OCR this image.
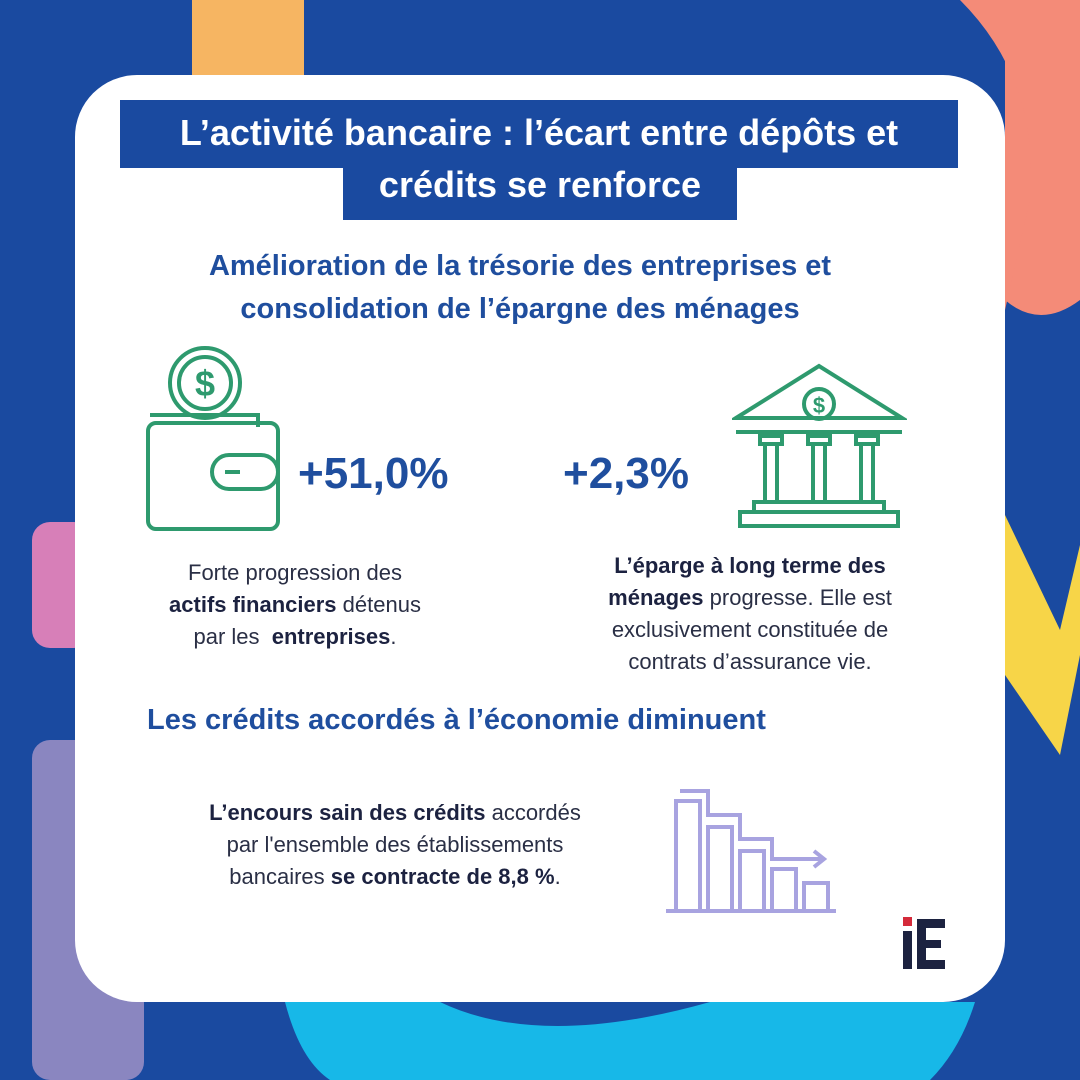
L’activité bancaire : l’écart entre dépôts et
crédits se renforce
Amélioration de la trésorie des entreprises et
consolidation de l’épargne des ménages
$
+51,0%	+2,3%
$
Forte progression des
actifs financiers détenus
par les  entreprises.
L’éparge à long terme des
ménages progresse. Elle est
exclusivement constituée de
contrats d’assurance vie.
Les crédits accordés à l’économie diminuent
L’encours sain des crédits accordés
par l'ensemble des établissements
bancaires se contracte de 8,8 %.
